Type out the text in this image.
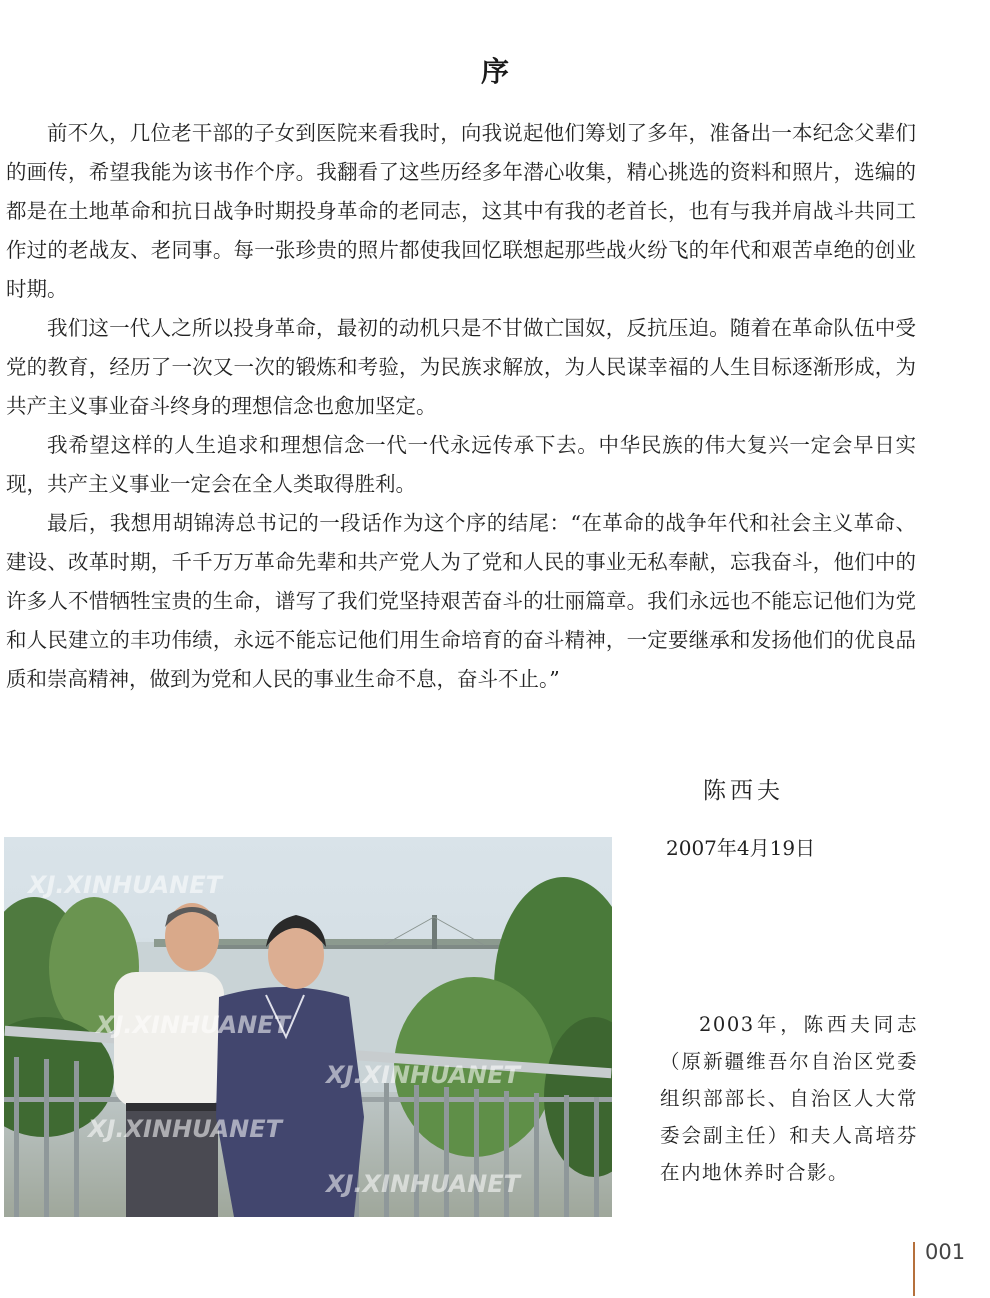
序

前不久，几位老干部的子女到医院来看我时，向我说起他们筹划了多年，准备出一本纪念父辈们的画传，希望我能为该书作个序。我翻看了这些历经多年潜心收集，精心挑选的资料和照片，选编的都是在土地革命和抗日战争时期投身革命的老同志，这其中有我的老首长，也有与我并肩战斗共同工作过的老战友、老同事。每一张珍贵的照片都使我回忆联想起那些战火纷飞的年代和艰苦卓绝的创业时期。

我们这一代人之所以投身革命，最初的动机只是不甘做亡国奴，反抗压迫。随着在革命队伍中受党的教育，经历了一次又一次的锻炼和考验，为民族求解放，为人民谋幸福的人生目标逐渐形成，为共产主义事业奋斗终身的理想信念也愈加坚定。

我希望这样的人生追求和理想信念一代一代永远传承下去。中华民族的伟大复兴一定会早日实现，共产主义事业一定会在全人类取得胜利。

最后，我想用胡锦涛总书记的一段话作为这个序的结尾：“在革命的战争年代和社会主义革命、建设、改革时期，千千万万革命先辈和共产党人为了党和人民的事业无私奉献，忘我奋斗，他们中的许多人不惜牺牲宝贵的生命，谱写了我们党坚持艰苦奋斗的壮丽篇章。我们永远也不能忘记他们为党和人民建立的丰功伟绩，永远不能忘记他们用生命培育的奋斗精神，一定要继承和发扬他们的优良品质和崇高精神，做到为党和人民的事业生命不息，奋斗不止。”

陈西夫
2007年4月19日
XJ.XINHUANET
XJ.XINHUANET
XJ.XINHUANET
XJ.XINHUANET
XJ.XINHUANET
2003年，陈西夫同志（原新疆维吾尔自治区党委组织部部长、自治区人大常委会副主任）和夫人高培芬在内地休养时合影。
001
